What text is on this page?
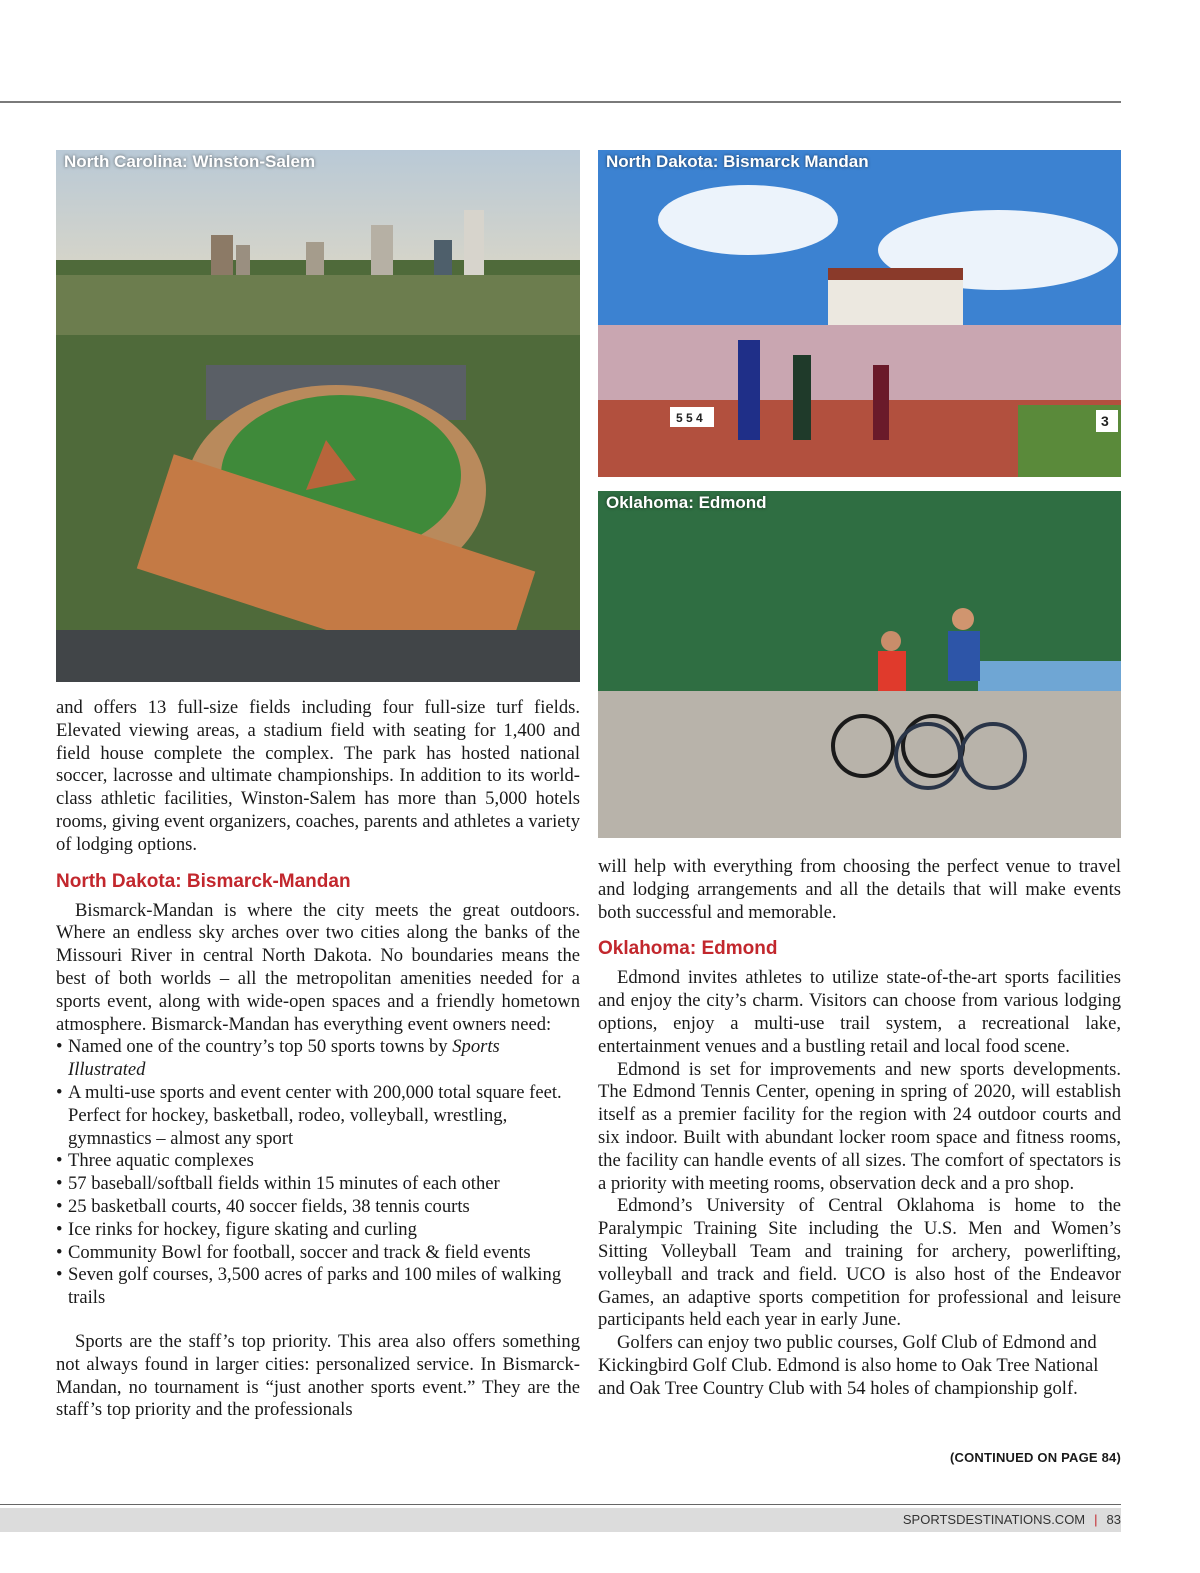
North Carolina: Winston-Salem
5 5 4	3
North Dakota: Bismarck Mandan
Oklahoma: Edmond

and offers 13 full-size fields including four full-size turf fields. Elevated viewing areas, a stadium field with seating for 1,400 and field house complete the complex. The park has hosted national soccer, lacrosse and ultimate championships. In addition to its world-class athletic facilities, Winston-Salem has more than 5,000 hotels rooms, giving event organizers, coaches, parents and athletes a variety of lodging options.

North Dakota: Bismarck-Mandan

Bismarck-Mandan is where the city meets the great outdoors. Where an endless sky arches over two cities along the banks of the Missouri River in central North Dakota. No boundaries means the best of both worlds – all the metropolitan amenities needed for a sports event, along with wide-open spaces and a friendly hometown atmosphere. Bismarck-Mandan has everything event owners need:

• Named one of the country’s top 50 sports towns by Sports Illustrated
• A multi-use sports and event center with 200,000 total square feet. Perfect for hockey, basketball, rodeo, volleyball, wrestling, gymnastics – almost any sport
• Three aquatic complexes
• 57 baseball/softball fields within 15 minutes of each other
• 25 basketball courts, 40 soccer fields, 38 tennis courts
• Ice rinks for hockey, figure skating and curling
• Community Bowl for football, soccer and track & field events
• Seven golf courses, 3,500 acres of parks and 100 miles of walking trails

Sports are the staff’s top priority. This area also offers something not always found in larger cities: personalized service. In Bismarck-Mandan, no tournament is “just another sports event.” They are the staff’s top priority and the professionals

will help with everything from choosing the perfect venue to travel and lodging arrangements and all the details that will make events both successful and memorable.

Oklahoma: Edmond

Edmond invites athletes to utilize state-of-the-art sports facilities and enjoy the city’s charm. Visitors can choose from various lodging options, enjoy a multi-use trail system, a recreational lake, entertainment venues and a bustling retail and local food scene.

Edmond is set for improvements and new sports developments. The Edmond Tennis Center, opening in spring of 2020, will establish itself as a premier facility for the region with 24 outdoor courts and six indoor. Built with abundant locker room space and fitness rooms, the facility can handle events of all sizes. The comfort of spectators is a priority with meeting rooms, observation deck and a pro shop.

Edmond’s University of Central Oklahoma is home to the Paralympic Training Site including the U.S. Men and Women’s Sitting Volleyball Team and training for archery, powerlifting, volleyball and track and field. UCO is also host of the Endeavor Games, an adaptive sports competition for professional and leisure participants held each year in early June.

Golfers can enjoy two public courses, Golf Club of Edmond and Kickingbird Golf Club. Edmond is also home to Oak Tree National and Oak Tree Country Club with 54 holes of championship golf.

(CONTINUED ON PAGE 84)
SPORTSDESTINATIONS.COM | 83
